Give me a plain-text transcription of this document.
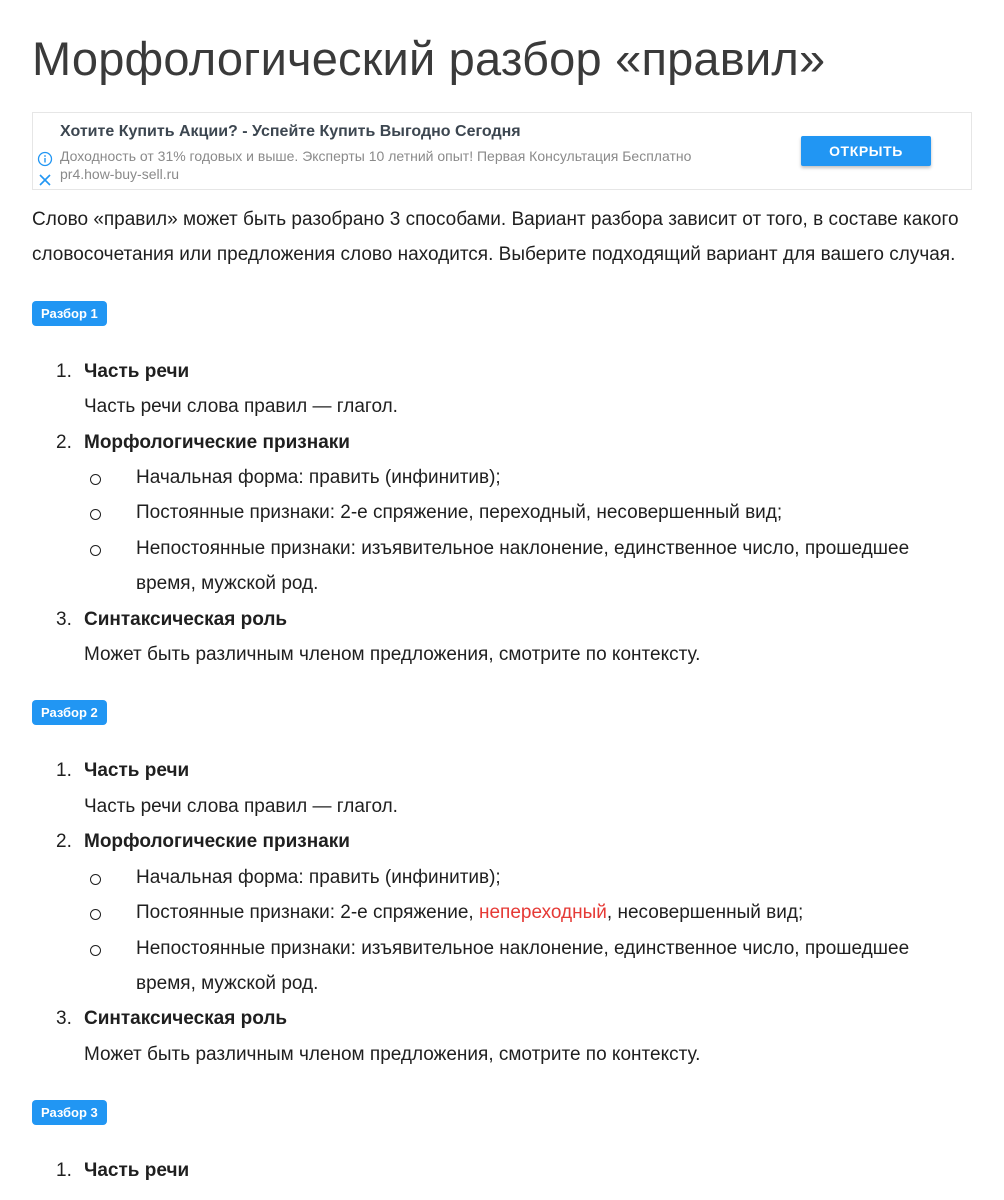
Морфологический разбор «правил»
Хотите Купить Акции? - Успейте Купить Выгодно Сегодня
Доходность от 31% годовых и выше. Эксперты 10 летний опыт! Первая Консультация Бесплатно
pr4.how-buy-sell.ru
ОТКРЫТЬ

Слово «правил» может быть разобрано 3 способами. Вариант разбора зависит от того, в составе какого словосочетания или предложения слово находится. Выберите подходящий вариант для вашего случая.

Разбор 1
1. Часть речи
Часть речи слова правил — глагол.
2. Морфологические признаки
Начальная форма: править (инфинитив);
Постоянные признаки: 2-е спряжение, переходный, несовершенный вид;
Непостоянные признаки: изъявительное наклонение, единственное число, прошедшее время, мужской род.
3. Синтаксическая роль
Может быть различным членом предложения, смотрите по контексту.
Разбор 2
1. Часть речи
Часть речи слова правил — глагол.
2. Морфологические признаки
Начальная форма: править (инфинитив);
Постоянные признаки: 2-е спряжение, непереходный, несовершенный вид;
Непостоянные признаки: изъявительное наклонение, единственное число, прошедшее время, мужской род.
3. Синтаксическая роль
Может быть различным членом предложения, смотрите по контексту.
Разбор 3
1. Часть речи
